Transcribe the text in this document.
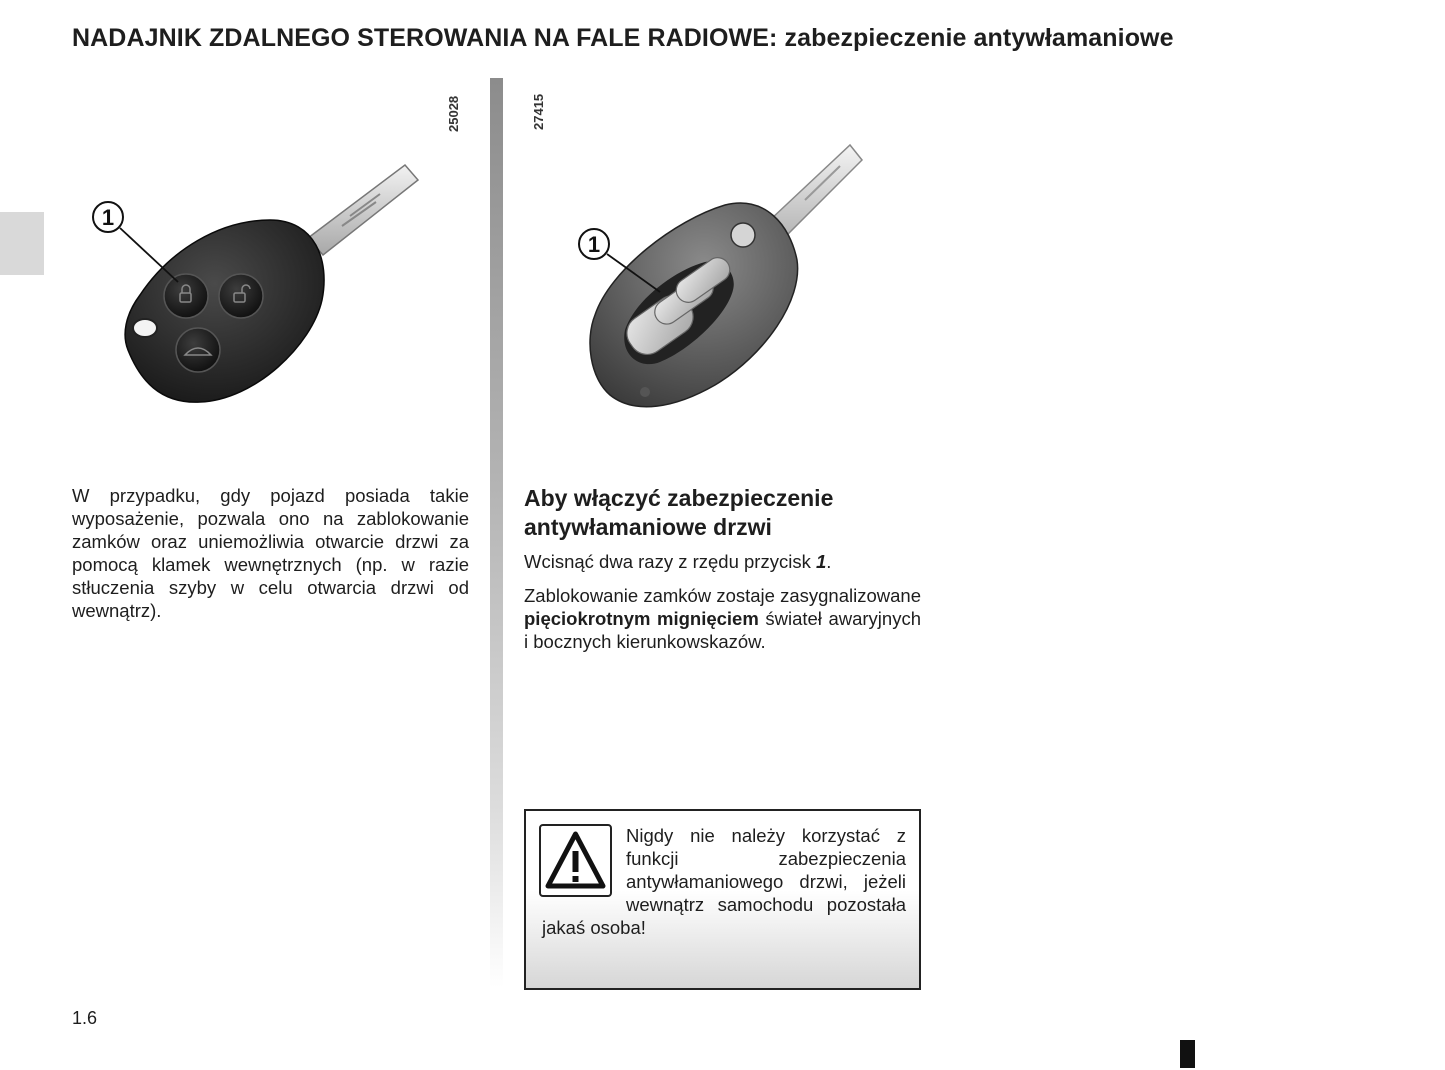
NADAJNIK ZDALNEGO STEROWANIA NA FALE RADIOWE: zabezpieczenie antywłamaniowe
25028
1
27415
1

W przypadku, gdy pojazd posiada takie wyposażenie, pozwala ono na zablokowanie zamków oraz uniemożliwia otwarcie drzwi za pomocą klamek wewnętrznych (np. w razie stłuczenia szyby w celu otwarcia drzwi od wewnątrz).

Aby włączyć zabezpieczenie antywłamaniowe drzwi

Wcisnąć dwa razy z rzędu przycisk 1.

Zablokowanie zamków zostaje zasygnalizowane pięciokrotnym mignięciem świateł awaryjnych i bocznych kierunkowskazów.

Nigdy nie należy korzystać z funkcji zabezpieczenia antywłamaniowego drzwi, jeżeli wewnątrz samochodu pozostała jakaś osoba!

1.6
